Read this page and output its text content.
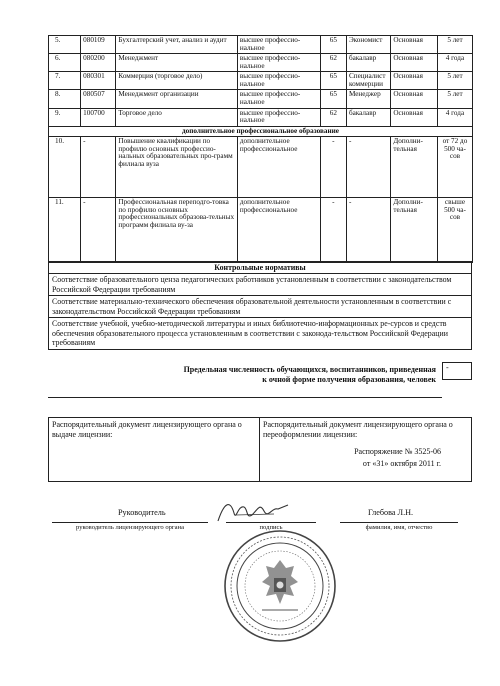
5.	080109	Бухгалтерский учет, анализ и аудит	высшее профессио-нальное	65	Экономист	Основная	5 лет
6.	080200	Менеджмент	высшее профессио-нальное	62	бакалавр	Основная	4 года
7.	080301	Коммерция (торговое дело)	высшее профессио-нальное	65	Специалист коммерции	Основная	5 лет
8.	080507	Менеджмент организации	высшее профессио-нальное	65	Менеджер	Основная	5 лет
9.	100700	Торговое дело	высшее профессио-нальное	62	бакалавр	Основная	4 года
дополнительное профессиональное образование							
10.	-	Повышение квалификации по профилю основных профессио-нальных образовательных про-грамм филиала вуза	дополнительное профессиональное	-	-	Дополни-тельная	от 72 до 500 ча-сов
11.	-	Профессиональная переподго-товка по профилю основных профессиональных образова-тельных программ филиала ву-за	дополнительное профессиональное	-	-	Дополни-тельная	свыше 500 ча-сов
Контрольные нормативы
Соответствие образовательного ценза педагогических работников установленным в соответствии с законодательством Российской Федерации требованиям
Соответствие материально-технического обеспечения образовательной деятельности установленным в соответствии с законодательством Российской Федерации требованиям
Соответствие учебной, учебно-методической литературы и иных библиотечно-информационных ре-сурсов и средств обеспечения образовательного процесса установленным в соответствии с законода-тельством Российской Федерации требованиям
Предельная численность обучающихся, воспитанников, приведенная
к очной форме получения образования, человек
-
Распорядительный документ лицензирующего органа о выдаче лицензии:
Распорядительный документ лицензирующего органа о переоформлении лицензии:
Распоряжение № 3525-06
от «31» октября 2011 г.
Руководитель	Глебова Л.Н.
руководитель лицензирующего органа	подпись	фамилия, имя, отчество
